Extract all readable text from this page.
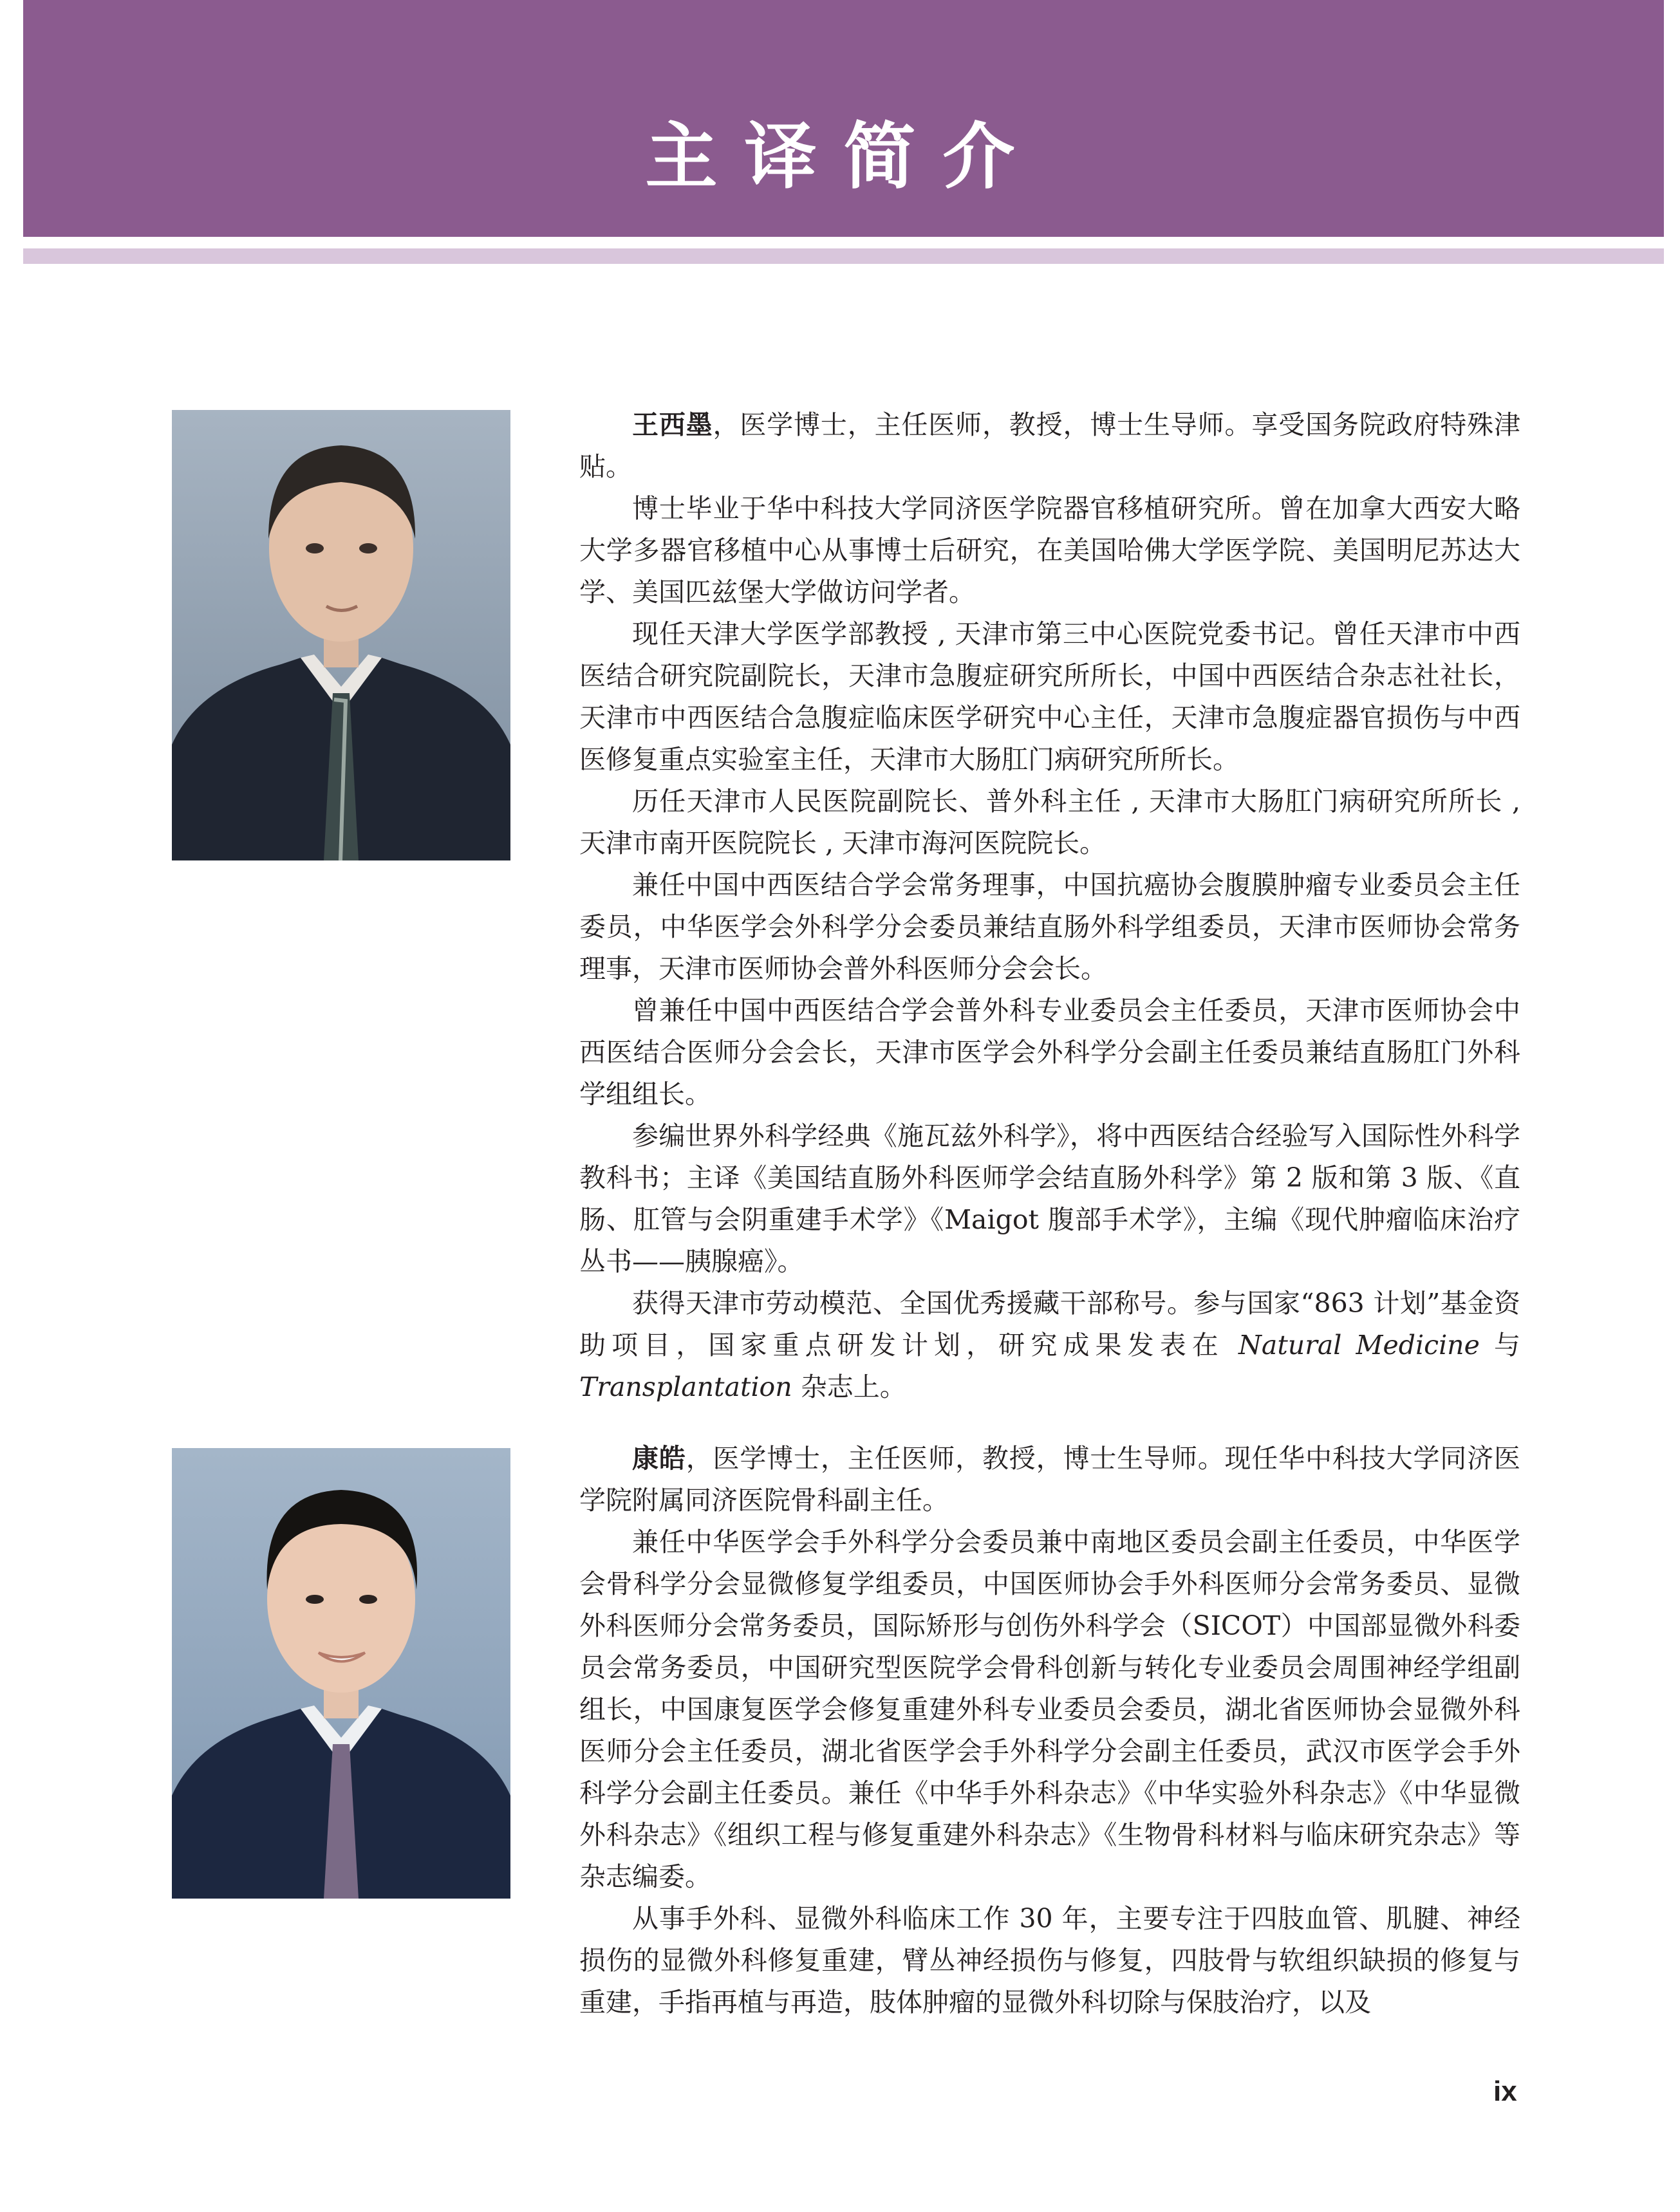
主译简介

王西墨，医学博士，主任医师，教授，博士生导师。享受国务院政府特殊津贴。

博士毕业于华中科技大学同济医学院器官移植研究所。曾在加拿大西安大略大学多器官移植中心从事博士后研究，在美国哈佛大学医学院、美国明尼苏达大学、美国匹兹堡大学做访问学者。

现任天津大学医学部教授 , 天津市第三中心医院党委书记。曾任天津市中西医结合研究院副院长，天津市急腹症研究所所长，中国中西医结合杂志社社长，天津市中西医结合急腹症临床医学研究中心主任，天津市急腹症器官损伤与中西医修复重点实验室主任，天津市大肠肛门病研究所所长。

历任天津市人民医院副院长、普外科主任 , 天津市大肠肛门病研究所所长 , 天津市南开医院院长 , 天津市海河医院院长。

兼任中国中西医结合学会常务理事，中国抗癌协会腹膜肿瘤专业委员会主任委员，中华医学会外科学分会委员兼结直肠外科学组委员，天津市医师协会常务理事，天津市医师协会普外科医师分会会长。

曾兼任中国中西医结合学会普外科专业委员会主任委员，天津市医师协会中西医结合医师分会会长，天津市医学会外科学分会副主任委员兼结直肠肛门外科学组组长。

参编世界外科学经典《施瓦兹外科学》，将中西医结合经验写入国际性外科学教科书；主译《美国结直肠外科医师学会结直肠外科学》第 2 版和第 3 版、《直肠、肛管与会阴重建手术学》《Maigot 腹部手术学》，主编《现代肿瘤临床治疗丛书——胰腺癌》。

获得天津市劳动模范、全国优秀援藏干部称号。参与国家“863 计划”基金资助项目，国家重点研发计划，研究成果发表在 Natural Medicine 与 Transplantation 杂志上。

康皓，医学博士，主任医师，教授，博士生导师。现任华中科技大学同济医学院附属同济医院骨科副主任。

兼任中华医学会手外科学分会委员兼中南地区委员会副主任委员，中华医学会骨科学分会显微修复学组委员，中国医师协会手外科医师分会常务委员、显微外科医师分会常务委员，国际矫形与创伤外科学会（SICOT）中国部显微外科委员会常务委员，中国研究型医院学会骨科创新与转化专业委员会周围神经学组副组长，中国康复医学会修复重建外科专业委员会委员，湖北省医师协会显微外科医师分会主任委员，湖北省医学会手外科学分会副主任委员，武汉市医学会手外科学分会副主任委员。兼任《中华手外科杂志》《中华实验外科杂志》《中华显微外科杂志》《组织工程与修复重建外科杂志》《生物骨科材料与临床研究杂志》等杂志编委。

从事手外科、显微外科临床工作 30 年，主要专注于四肢血管、肌腱、神经损伤的显微外科修复重建，臂丛神经损伤与修复，四肢骨与软组织缺损的修复与重建，手指再植与再造，肢体肿瘤的显微外科切除与保肢治疗，以及

ix
